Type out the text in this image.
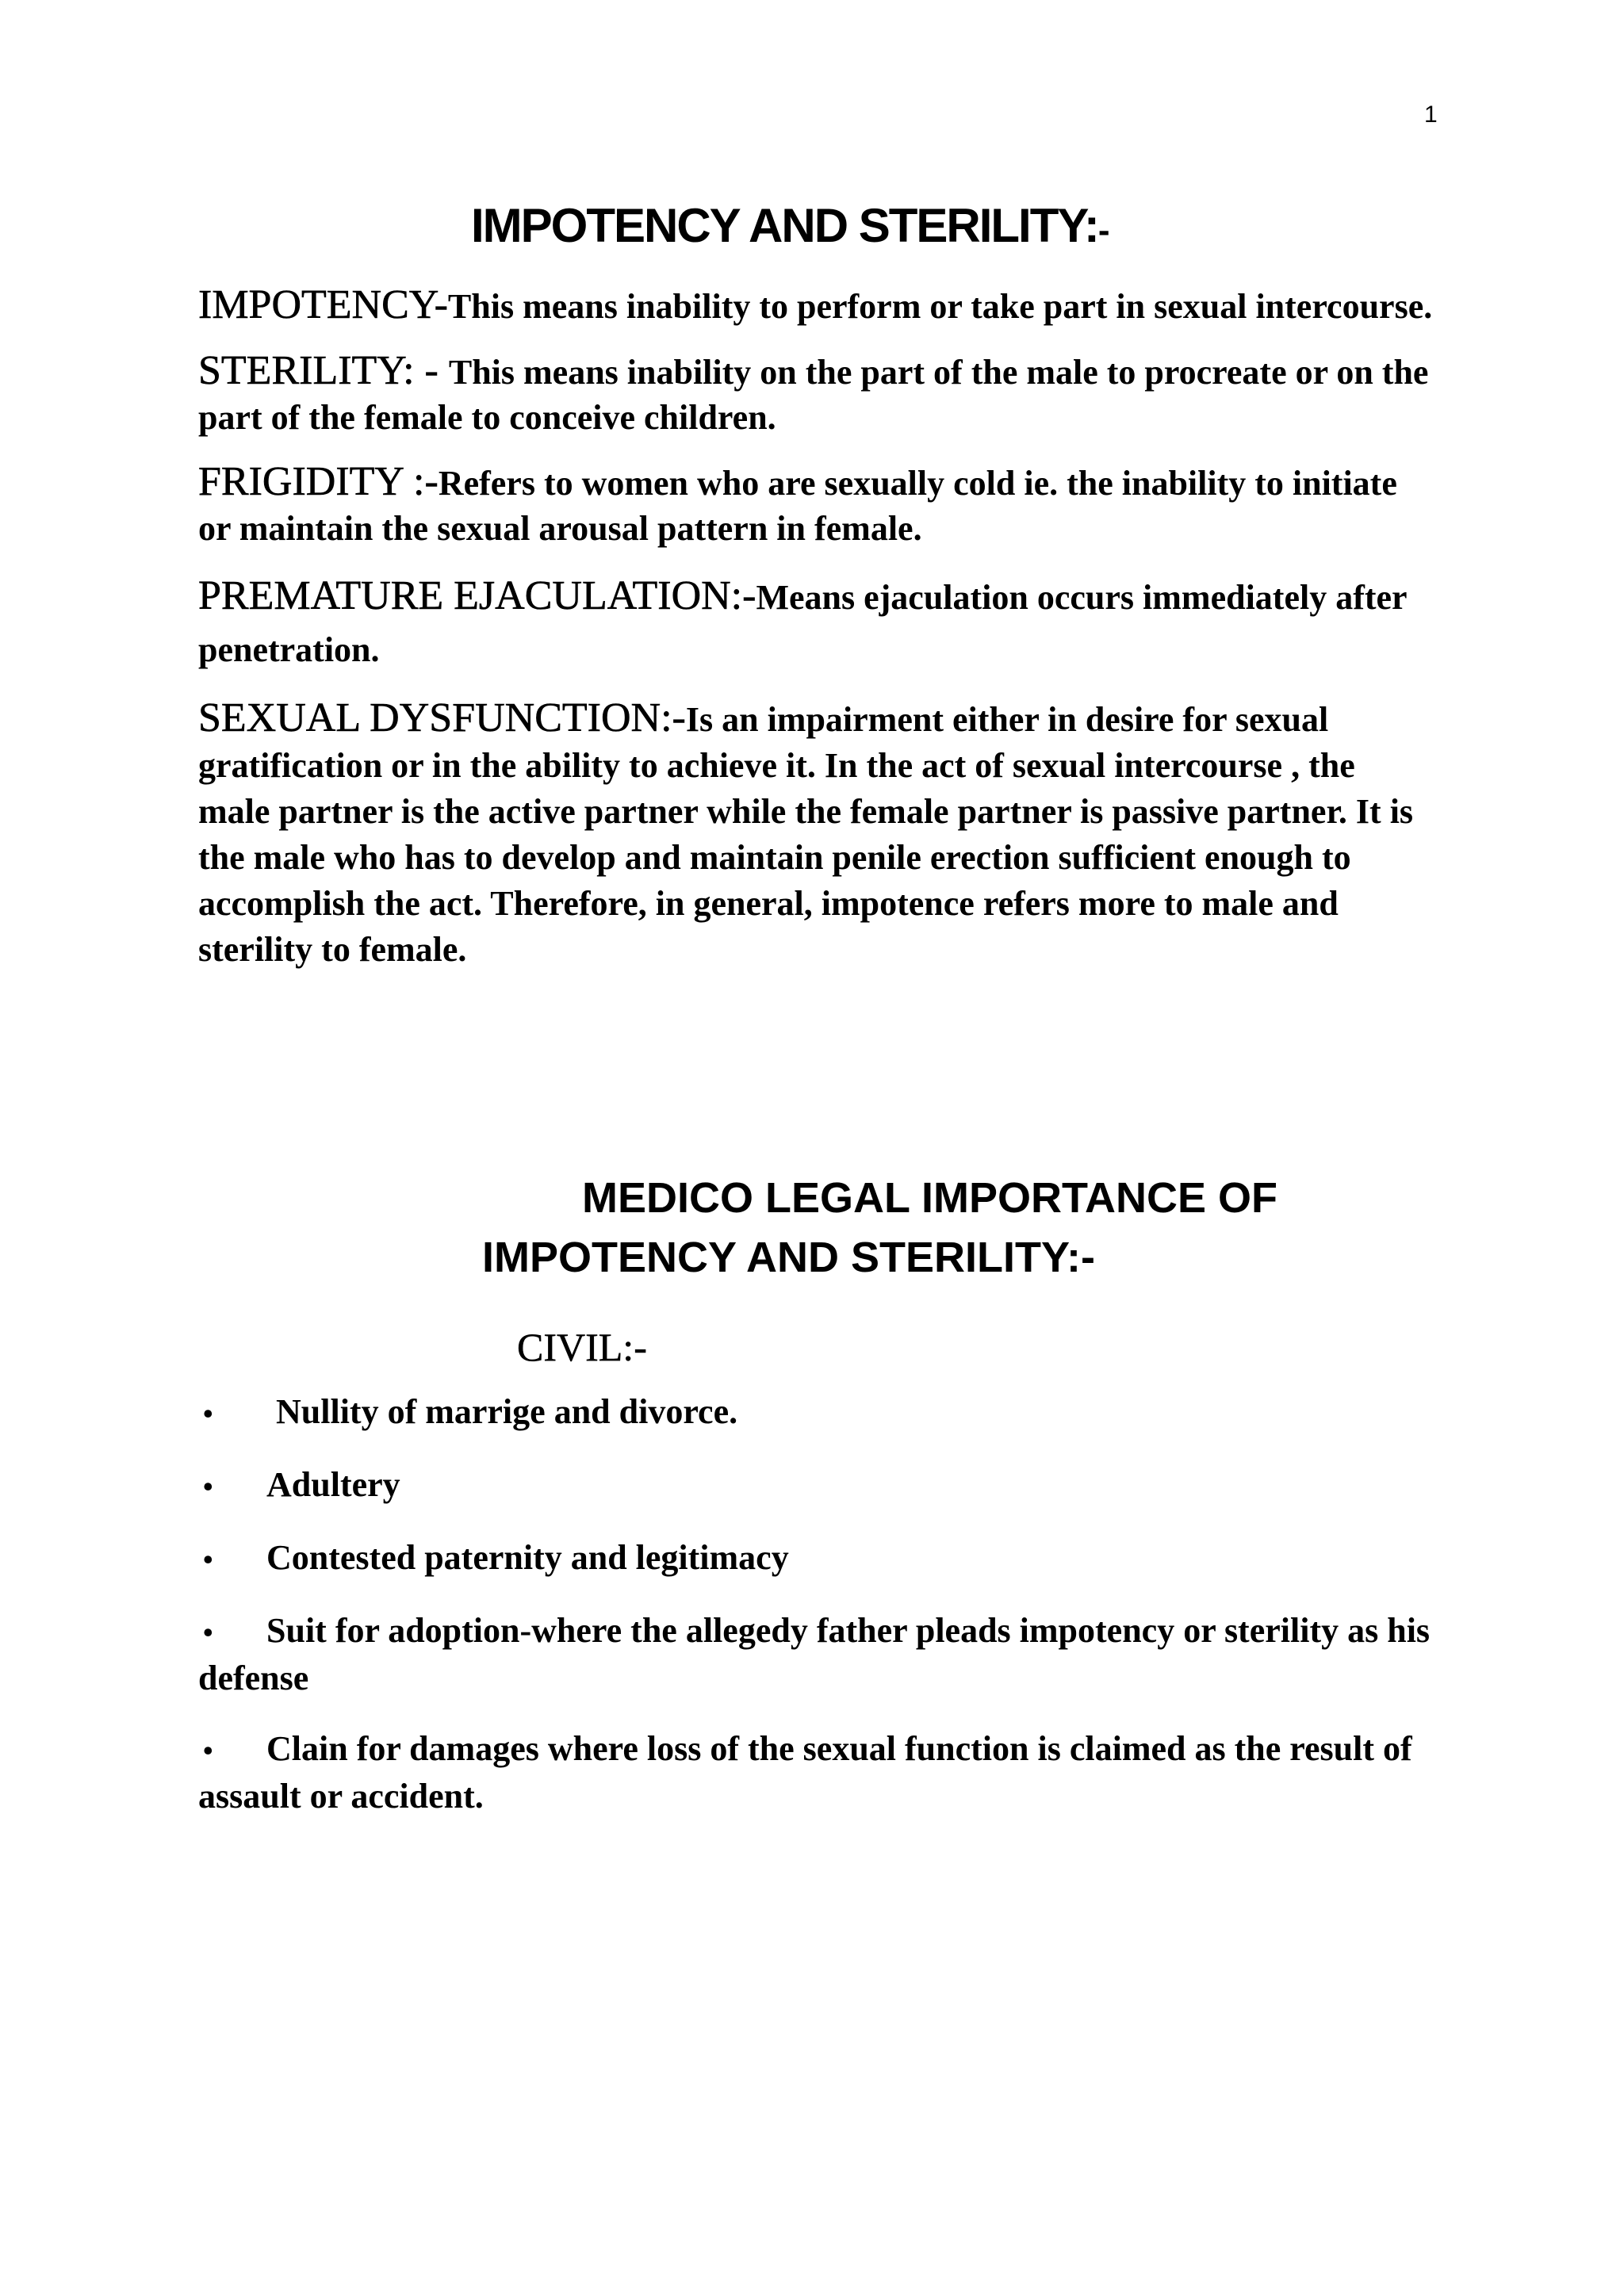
1
IMPOTENCY AND STERILITY:-

IMPOTENCY-This means inability to perform or take part in sexual intercourse.

STERILITY: - This means inability on the part of the male to procreate or on the part of the female to conceive children.

FRIGIDITY :-Refers to women who are sexually cold ie. the inability to initiate or maintain the sexual arousal pattern in female.

PREMATURE EJACULATION:-Means ejaculation occurs immediately after penetration.

SEXUAL DYSFUNCTION:-Is an impairment either in desire for sexual gratification or in the ability to achieve it. In the act of sexual intercourse , the male partner is the active partner while the female partner is passive partner. It is the male who has to develop and maintain penile erection sufficient enough to accomplish the act. Therefore, in general, impotence refers more to male and sterility to female.

MEDICO LEGAL IMPORTANCE OF
IMPOTENCY AND STERILITY:-
CIVIL:-

• Nullity of marrige and divorce.

• Adultery

• Contested paternity and legitimacy

• Suit for adoption-where the allegedy father pleads impotency or sterility as his defense

• Clain for damages where loss of the sexual function is claimed as the result of assault or accident.
